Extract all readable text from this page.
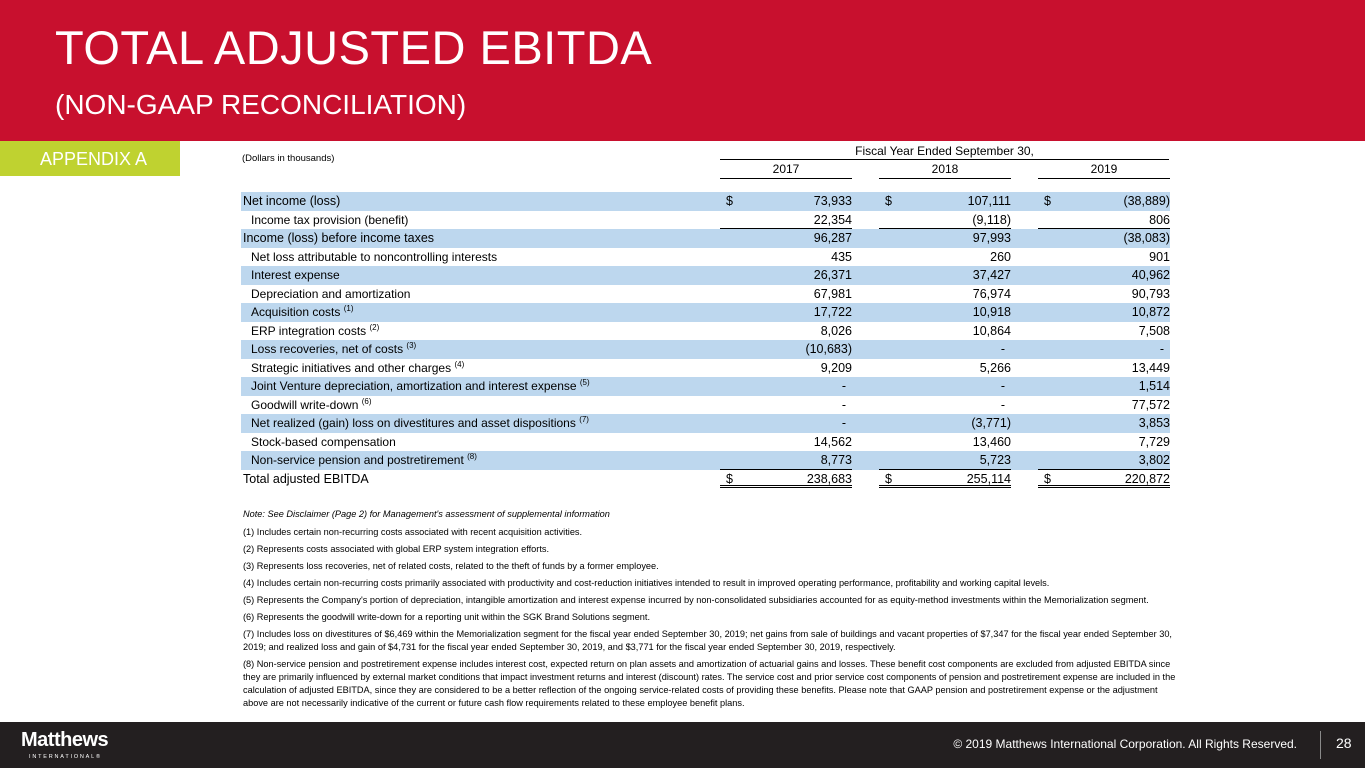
TOTAL ADJUSTED EBITDA
(NON-GAAP RECONCILIATION)
APPENDIX A	(Dollars in thousands)
Fiscal Year Ended September 30,
2017	2018	2019
Net income (loss)	$	73,933	$	107,111	$	(38,889)
Income tax provision (benefit)	22,354	(9,118)	806
Income (loss) before income taxes	96,287	97,993	(38,083)
Net loss attributable to noncontrolling interests	435	260	901
Interest expense	26,371	37,427	40,962
Depreciation and amortization	67,981	76,974	90,793
Acquisition costs $^{(1)}$	17,722	10,918	10,872
ERP integration costs $^{(2)}$	8,026	10,864	7,508
Loss recoveries, net of costs $^{(3)}$	(10,683)	-	-
Strategic initiatives and other charges $^{(4)}$	9,209	5,266	13,449
Joint Venture depreciation, amortization and interest expense $^{(5)}$	-	-	1,514
Goodwill write-down $^{(6)}$	-	-	77,572
Net realized (gain) loss on divestitures and asset dispositions $^{(7)}$	-	(3,771)	3,853
Stock-based compensation	14,562	13,460	7,729
Non-service pension and postretirement $^{(8)}$	8,773	5,723	3,802
Total adjusted EBITDA	$	238,683	$	255,114	$	220,872

Note: See Disclaimer (Page 2) for Management's assessment of supplemental information

(1) Includes certain non-recurring costs associated with recent acquisition activities.

(2) Represents costs associated with global ERP system integration efforts.

(3) Represents loss recoveries, net of related costs, related to the theft of funds by a former employee.

(4) Includes certain non-recurring costs primarily associated with productivity and cost-reduction initiatives intended to result in improved operating performance, profitability and working capital levels.

(5) Represents the Company's portion of depreciation, intangible amortization and interest expense incurred by non-consolidated subsidiaries accounted for as equity-method investments within the Memorialization segment.

(6) Represents the goodwill write-down for a reporting unit within the SGK Brand Solutions segment.

(7) Includes loss on divestitures of $6,469 within the Memorialization segment for the fiscal year ended September 30, 2019; net gains from sale of buildings and vacant properties of $7,347 for the fiscal year ended September 30, 2019; and realized loss and gain of $4,731 for the fiscal year ended September 30, 2019, and $3,771 for the fiscal year ended September 30, 2019, respectively.

(8) Non-service pension and postretirement expense includes interest cost, expected return on plan assets and amortization of actuarial gains and losses. These benefit cost components are excluded from adjusted EBITDA since they are primarily influenced by external market conditions that impact investment returns and interest (discount) rates. The service cost and prior service cost components of pension and postretirement expense are included in the calculation of adjusted EBITDA, since they are considered to be a better reflection of the ongoing service-related costs of providing these benefits. Please note that GAAP pension and postretirement expense or the adjustment above are not necessarily indicative of the current or future cash flow requirements related to these employee benefit plans.

Matthews
INTERNATIONAL®
© 2019 Matthews International Corporation. All Rights Reserved.	28
